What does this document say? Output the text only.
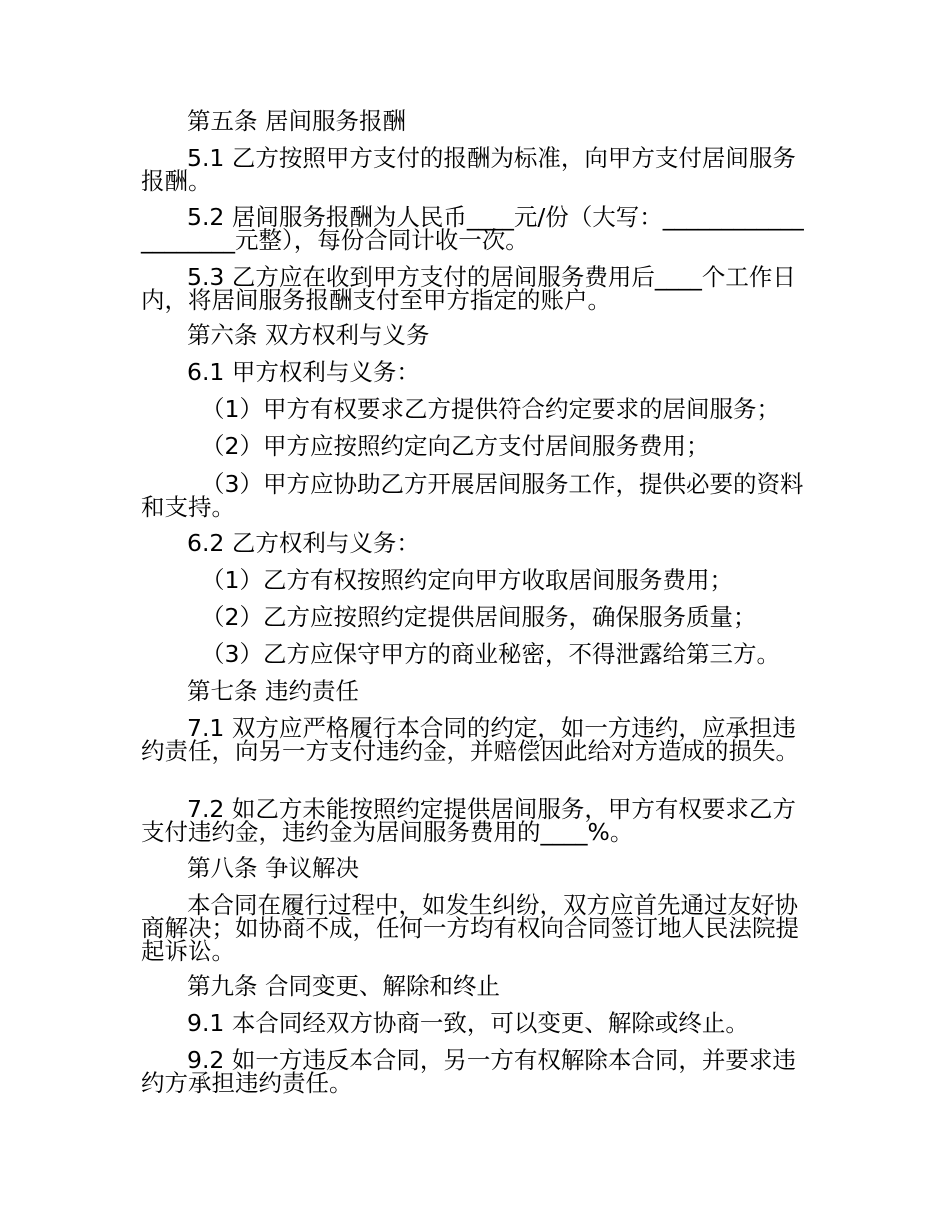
第五条 居间服务报酬

5.1 乙方按照甲方支付的报酬为标准，向甲方支付居间服务报酬。

5.2 居间服务报酬为人民币____元/份（大写：____________________元整），每份合同计收一次。

5.3 乙方应在收到甲方支付的居间服务费用后____个工作日内，将居间服务报酬支付至甲方指定的账户。

第六条 双方权利与义务

6.1 甲方权利与义务：

（1）甲方有权要求乙方提供符合约定要求的居间服务；

（2）甲方应按照约定向乙方支付居间服务费用；

（3）甲方应协助乙方开展居间服务工作，提供必要的资料和支持。

6.2 乙方权利与义务：

（1）乙方有权按照约定向甲方收取居间服务费用；

（2）乙方应按照约定提供居间服务，确保服务质量；

（3）乙方应保守甲方的商业秘密，不得泄露给第三方。

第七条 违约责任

7.1 双方应严格履行本合同的约定，如一方违约，应承担违约责任，向另一方支付违约金，并赔偿因此给对方造成的损失。

7.2 如乙方未能按照约定提供居间服务，甲方有权要求乙方支付违约金，违约金为居间服务费用的____%。

第八条 争议解决

本合同在履行过程中，如发生纠纷，双方应首先通过友好协商解决；如协商不成，任何一方均有权向合同签订地人民法院提起诉讼。

第九条 合同变更、解除和终止

9.1 本合同经双方协商一致，可以变更、解除或终止。

9.2 如一方违反本合同，另一方有权解除本合同，并要求违约方承担违约责任。
